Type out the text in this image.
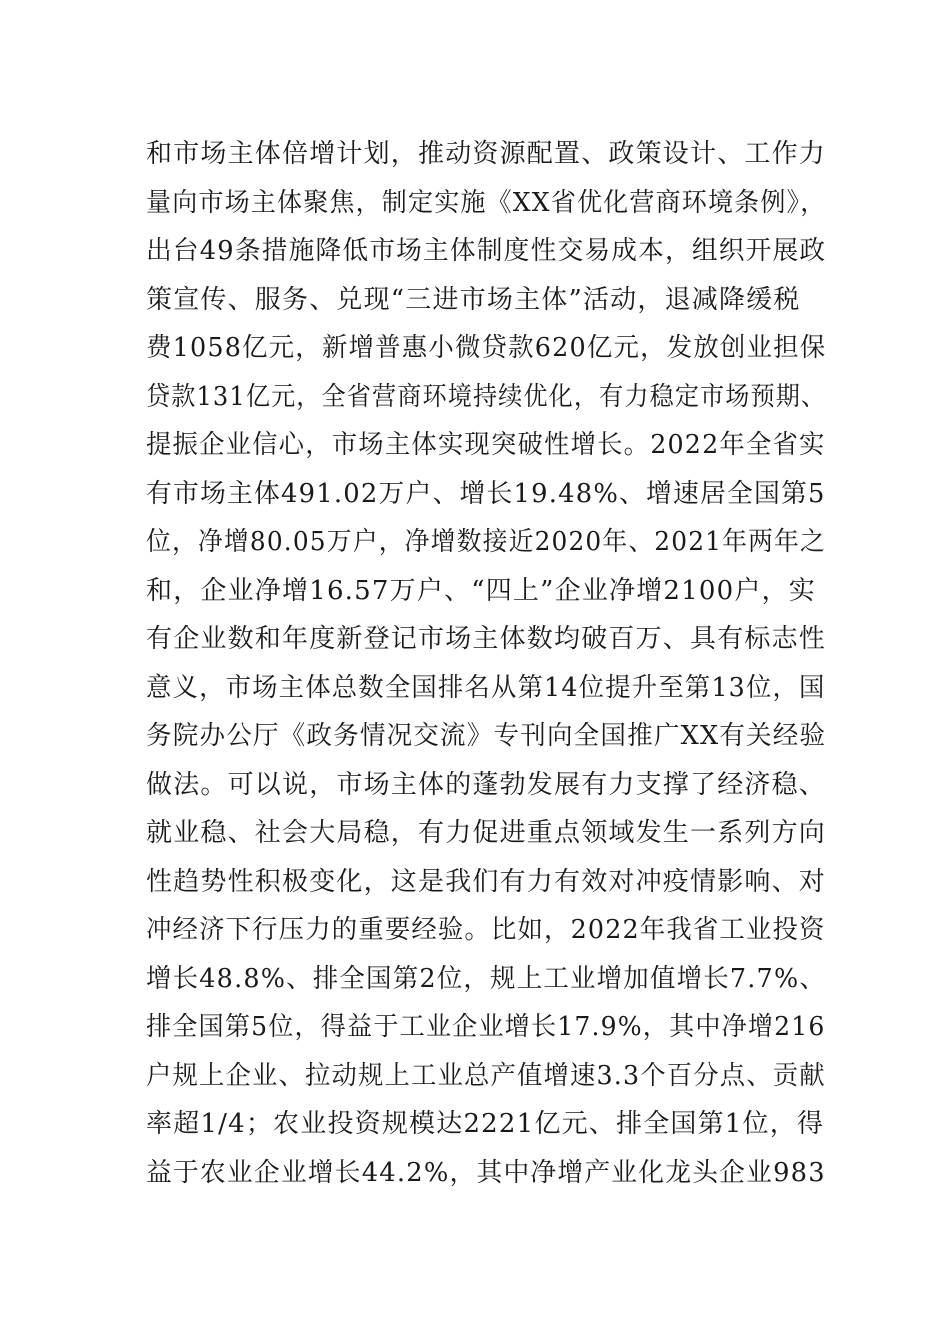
和市场主体倍增计划，推动资源配置、政策设计、工作力
量向市场主体聚焦，制定实施《XX省优化营商环境条例》，
出台49条措施降低市场主体制度性交易成本，组织开展政
策宣传、服务、兑现“三进市场主体”活动，退减降缓税
费1058亿元，新增普惠小微贷款620亿元，发放创业担保
贷款131亿元，全省营商环境持续优化，有力稳定市场预期、
提振企业信心，市场主体实现突破性增长。2022年全省实
有市场主体491.02万户、增长19.48%、增速居全国第5
位，净增80.05万户，净增数接近2020年、2021年两年之
和，企业净增16.57万户、“四上”企业净增2100户，实
有企业数和年度新登记市场主体数均破百万、具有标志性
意义，市场主体总数全国排名从第14位提升至第13位，国
务院办公厅《政务情况交流》专刊向全国推广XX有关经验
做法。可以说，市场主体的蓬勃发展有力支撑了经济稳、
就业稳、社会大局稳，有力促进重点领域发生一系列方向
性趋势性积极变化，这是我们有力有效对冲疫情影响、对
冲经济下行压力的重要经验。比如，2022年我省工业投资
增长48.8%、排全国第2位，规上工业增加值增长7.7%、
排全国第5位，得益于工业企业增长17.9%，其中净增216
户规上企业、拉动规上工业总产值增速3.3个百分点、贡献
率超1/4；农业投资规模达2221亿元、排全国第1位，得
益于农业企业增长44.2%，其中净增产业化龙头企业983
